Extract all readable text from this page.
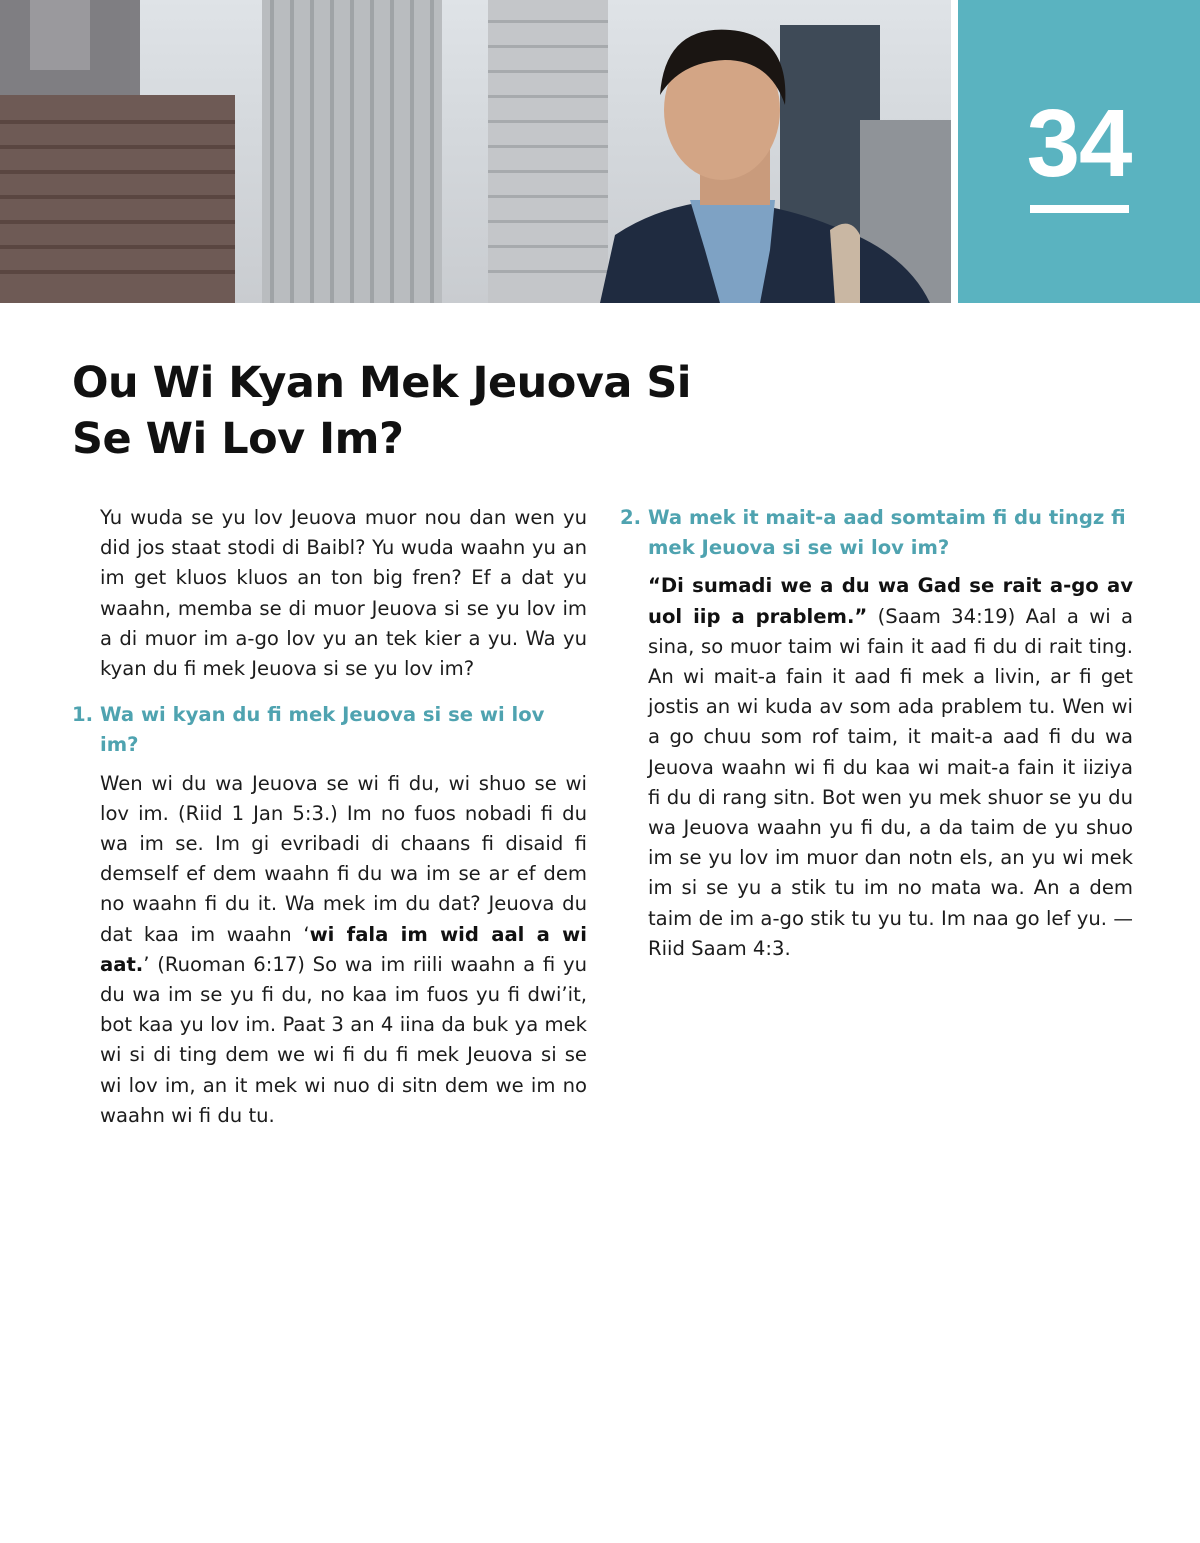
34
Ou Wi Kyan Mek Jeuova Si
Se Wi Lov Im?

Yu wuda se yu lov Jeuova muor nou dan wen yu did jos staat stodi di Baibl? Yu wuda waahn yu an im get kluos kluos an ton big fren? Ef a dat yu waahn, memba se di muor Jeuova si se yu lov im a di muor im a-go lov yu an tek kier a yu. Wa yu kyan du fi mek Jeuova si se yu lov im?

1. Wa wi kyan du fi mek Jeuova si se wi lov im?

Wen wi du wa Jeuova se wi fi du, wi shuo se wi lov im. (Riid 1 Jan 5:3.) Im no fuos nobadi fi du wa im se. Im gi evribadi di chaans fi disaid fi demself ef dem waahn fi du wa im se ar ef dem no waahn fi du it. Wa mek im du dat? Jeuova du dat kaa im waahn ‘wi fala im wid aal a wi aat.’ (Ruoman 6:17) So wa im riili waahn a fi yu du wa im se yu fi du, no kaa im fuos yu fi dwi’it, bot kaa yu lov im. Paat 3 an 4 iina da buk ya mek wi si di ting dem we wi fi du fi mek Jeuova si se wi lov im, an it mek wi nuo di sitn dem we im no waahn wi fi du tu.

2. Wa mek it mait-a aad somtaim fi du tingz fi mek Jeuova si se wi lov im?

“Di sumadi we a du wa Gad se rait a-go av uol iip a prablem.” (Saam 34:19) Aal a wi a sina, so muor taim wi fain it aad fi du di rait ting. An wi mait-a fain it aad fi mek a livin, ar fi get jostis an wi kuda av som ada prablem tu. Wen wi a go chuu som rof taim, it mait-a aad fi du wa Jeuova waahn wi fi du kaa wi mait-a fain it iiziya fi du di rang sitn. Bot wen yu mek shuor se yu du wa Jeuova waahn yu fi du, a da taim de yu shuo im se yu lov im muor dan notn els, an yu wi mek im si se yu a stik tu im no mata wa. An a dem taim de im a-go stik tu yu tu. Im naa go lef yu. —Riid Saam 4:3.
